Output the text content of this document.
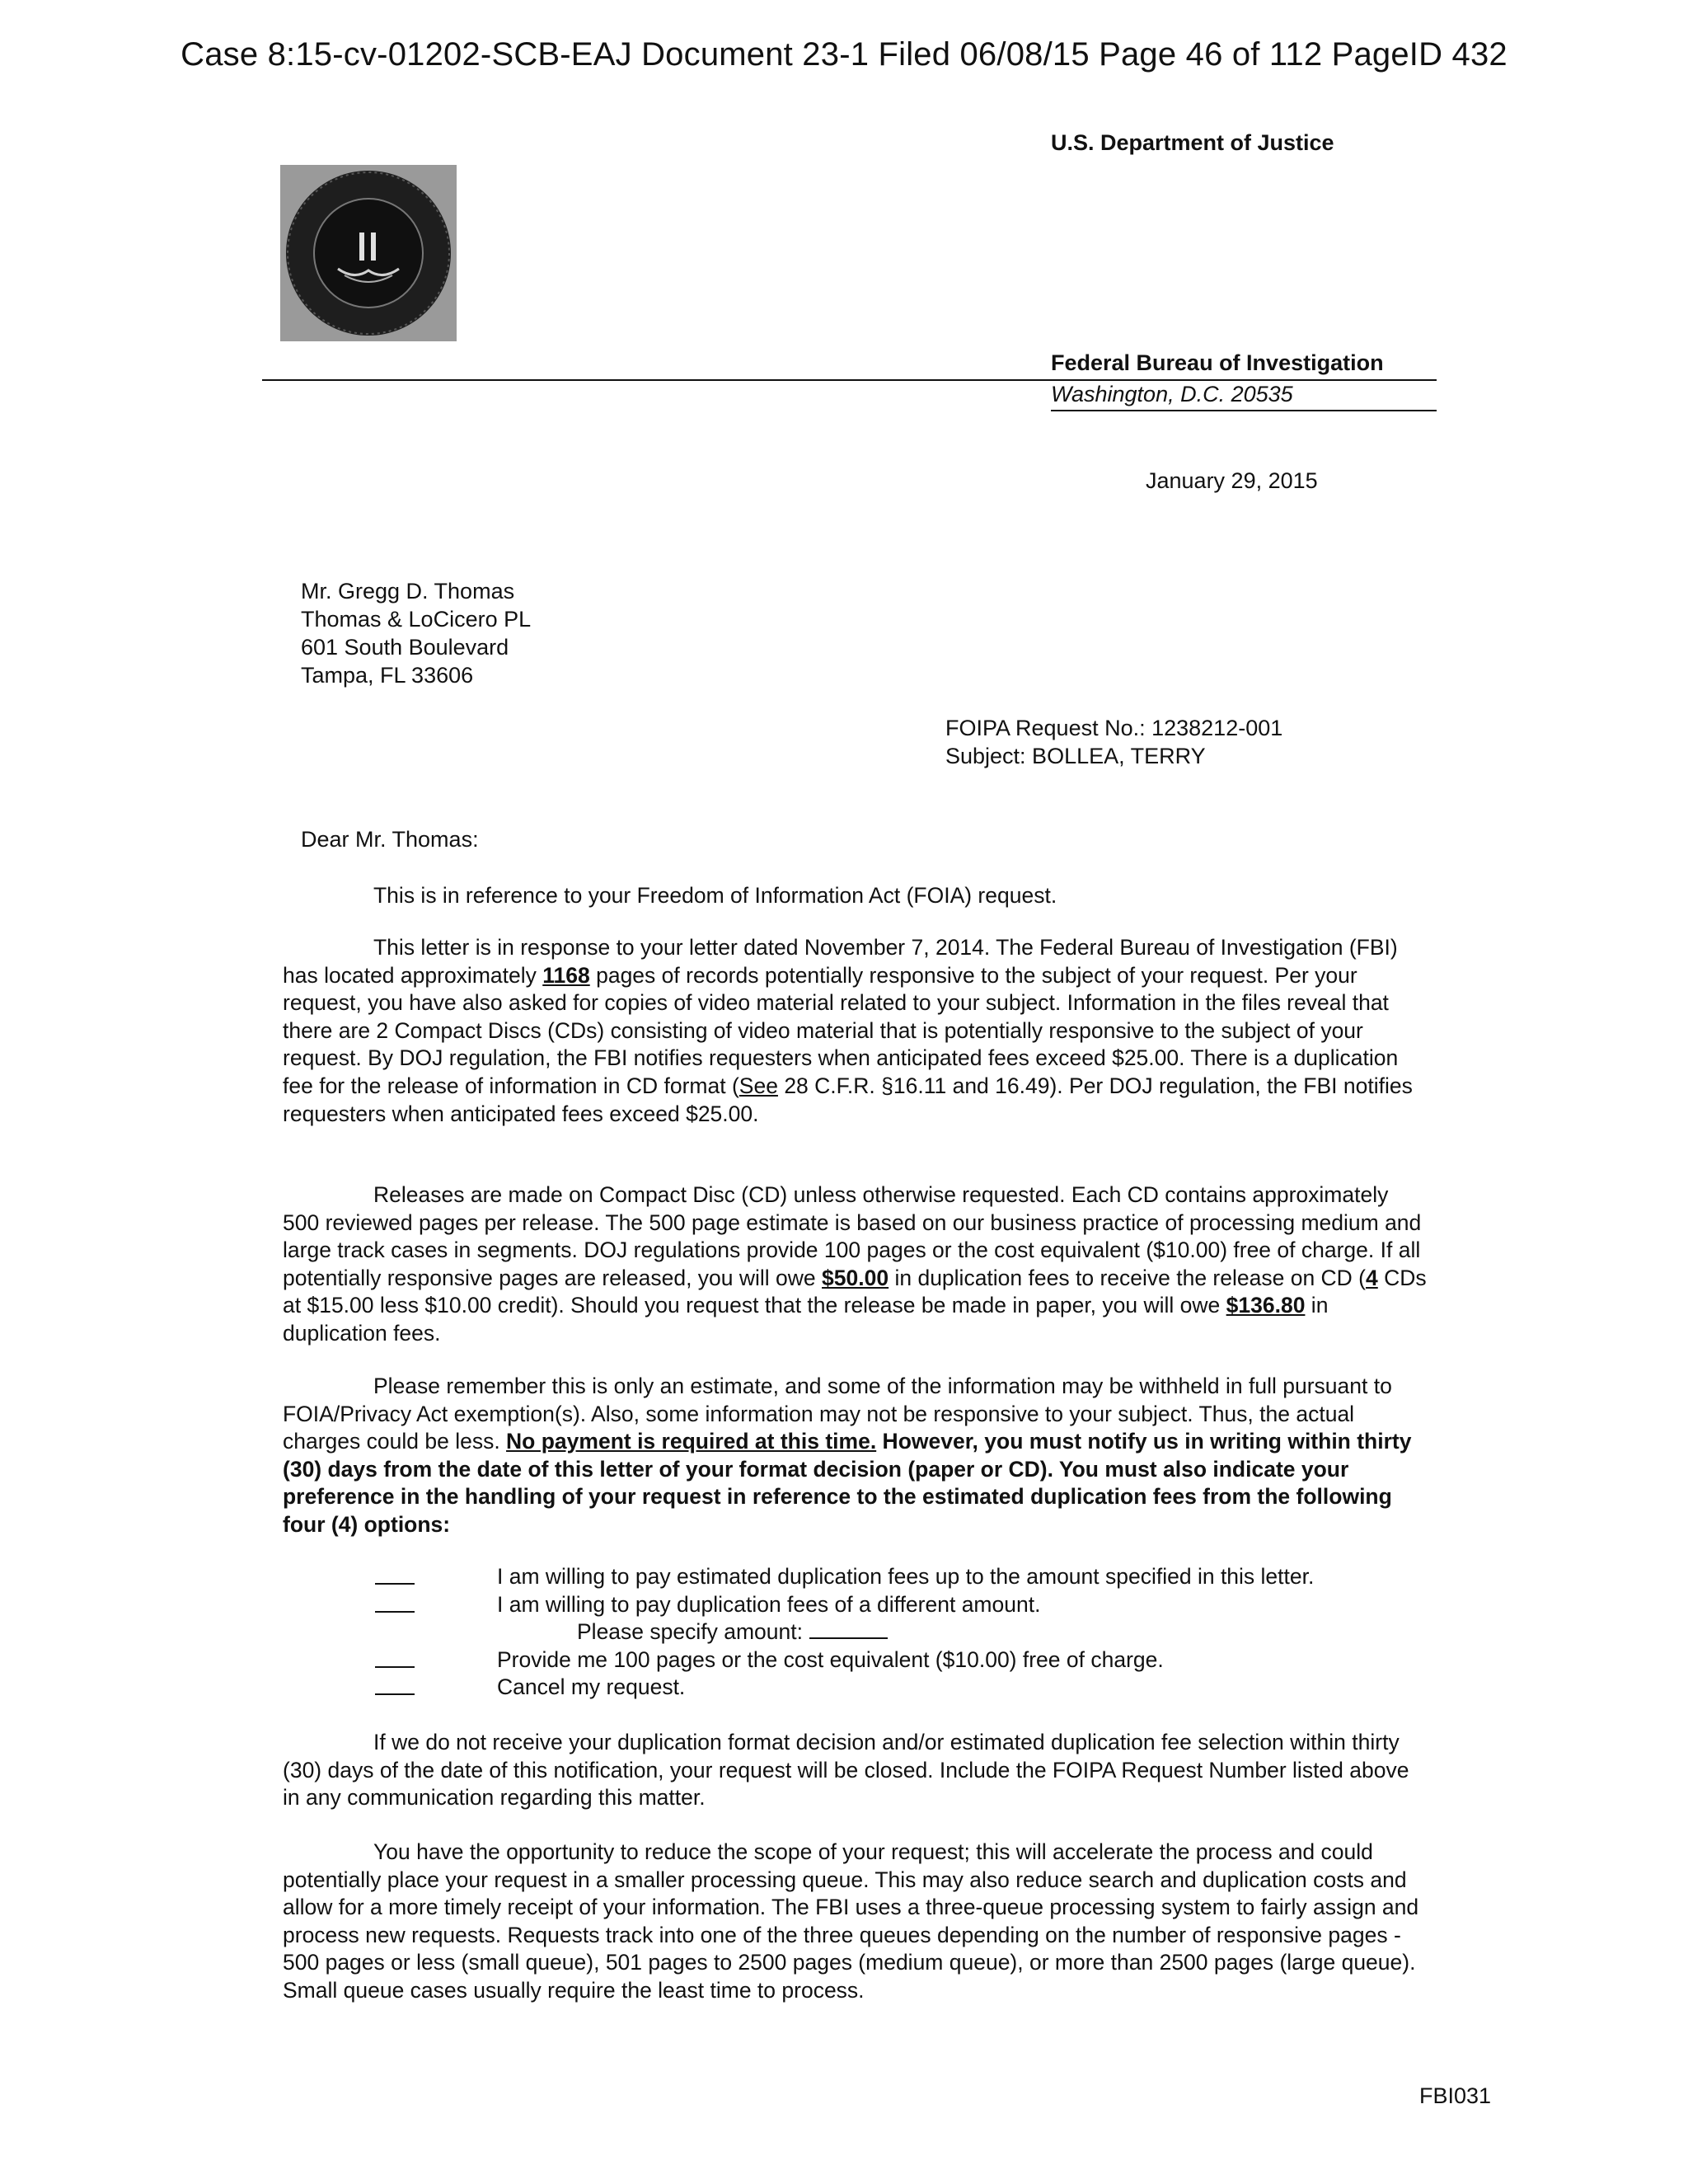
Case 8:15-cv-01202-SCB-EAJ Document 23-1 Filed 06/08/15 Page 46 of 112 PageID 432
U.S. Department of Justice
Federal Bureau of Investigation
Washington, D.C. 20535
January 29, 2015
Mr. Gregg D. Thomas
Thomas & LoCicero PL
601 South Boulevard
Tampa, FL 33606
FOIPA Request No.: 1238212-001
Subject: BOLLEA, TERRY
Dear Mr. Thomas:

This is in reference to your Freedom of Information Act (FOIA) request.

This letter is in response to your letter dated November 7, 2014. The Federal Bureau of Investigation (FBI) has located approximately 1168 pages of records potentially responsive to the subject of your request. Per your request, you have also asked for copies of video material related to your subject. Information in the files reveal that there are 2 Compact Discs (CDs) consisting of video material that is potentially responsive to the subject of your request. By DOJ regulation, the FBI notifies requesters when anticipated fees exceed $25.00. There is a duplication fee for the release of information in CD format (See 28 C.F.R. §16.11 and 16.49). Per DOJ regulation, the FBI notifies requesters when anticipated fees exceed $25.00.

Releases are made on Compact Disc (CD) unless otherwise requested. Each CD contains approximately 500 reviewed pages per release. The 500 page estimate is based on our business practice of processing medium and large track cases in segments. DOJ regulations provide 100 pages or the cost equivalent ($10.00) free of charge. If all potentially responsive pages are released, you will owe $50.00 in duplication fees to receive the release on CD (4 CDs at $15.00 less $10.00 credit). Should you request that the release be made in paper, you will owe $136.80 in duplication fees.

Please remember this is only an estimate, and some of the information may be withheld in full pursuant to FOIA/Privacy Act exemption(s). Also, some information may not be responsive to your subject. Thus, the actual charges could be less. No payment is required at this time. However, you must notify us in writing within thirty (30) days from the date of this letter of your format decision (paper or CD). You must also indicate your preference in the handling of your request in reference to the estimated duplication fees from the following four (4) options:

I am willing to pay estimated duplication fees up to the amount specified in this letter.
I am willing to pay duplication fees of a different amount.
Please specify amount:
Provide me 100 pages or the cost equivalent ($10.00) free of charge.
Cancel my request.

If we do not receive your duplication format decision and/or estimated duplication fee selection within thirty (30) days of the date of this notification, your request will be closed. Include the FOIPA Request Number listed above in any communication regarding this matter.

You have the opportunity to reduce the scope of your request; this will accelerate the process and could potentially place your request in a smaller processing queue. This may also reduce search and duplication costs and allow for a more timely receipt of your information. The FBI uses a three-queue processing system to fairly assign and process new requests. Requests track into one of the three queues depending on the number of responsive pages - 500 pages or less (small queue), 501 pages to 2500 pages (medium queue), or more than 2500 pages (large queue). Small queue cases usually require the least time to process.

FBI031
